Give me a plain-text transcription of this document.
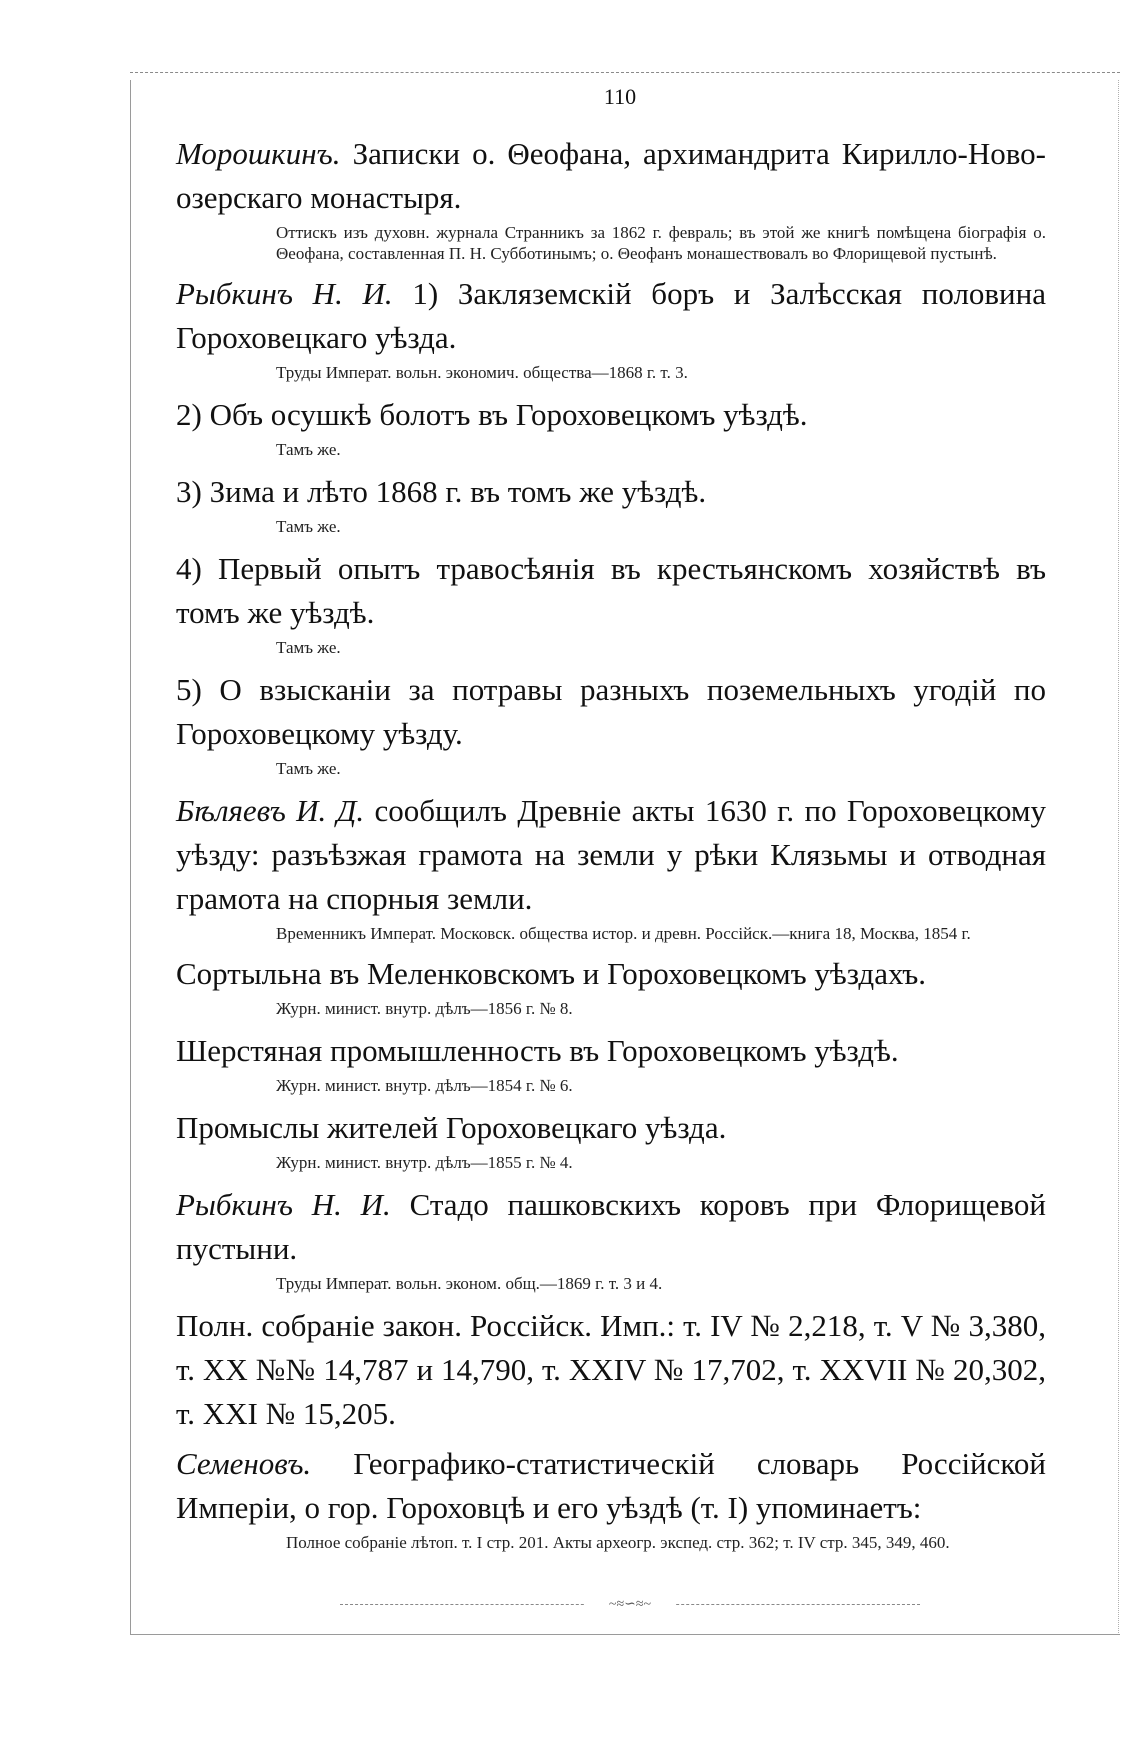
110

Морошкинъ. Записки о. Θеофана, архимандрита Кирилло-Ново-озерскаго монастыря.

Оттискъ изъ духовн. журнала Странникъ за 1862 г. февраль; въ этой же книгѣ помѣщена біографія о. Θеофана, составленная П. Н. Субботинымъ; о. Θеофанъ монашествовалъ во Флорищевой пустынѣ.

Рыбкинъ Н. И. 1) Закляземскій боръ и Залѣсская половина Гороховецкаго уѣзда.

Труды Императ. вольн. экономич. общества—1868 г. т. 3.

2) Объ осушкѣ болотъ въ Гороховецкомъ уѣздѣ.

Тамъ же.

3) Зима и лѣто 1868 г. въ томъ же уѣздѣ.

Тамъ же.

4) Первый опытъ травосѣянія въ крестьянскомъ хозяйствѣ въ томъ же уѣздѣ.

Тамъ же.

5) О взысканіи за потравы разныхъ поземельныхъ угодій по Гороховецкому уѣзду.

Тамъ же.

Бѣляевъ И. Д. сообщилъ Древніе акты 1630 г. по Гороховецкому уѣзду: разъѣзжая грамота на земли у рѣки Клязьмы и отводная грамота на спорныя земли.

Временникъ Императ. Московск. общества истор. и древн. Россійск.—книга 18, Москва, 1854 г.

Сортыльна въ Меленковскомъ и Гороховецкомъ уѣздахъ.

Журн. минист. внутр. дѣлъ—1856 г. № 8.

Шерстяная промышленность въ Гороховецкомъ уѣздѣ.

Журн. минист. внутр. дѣлъ—1854 г. № 6.

Промыслы жителей Гороховецкаго уѣзда.

Журн. минист. внутр. дѣлъ—1855 г. № 4.

Рыбкинъ Н. И. Стадо пашковскихъ коровъ при Флорищевой пустыни.

Труды Императ. вольн. эконом. общ.—1869 г. т. 3 и 4.

Полн. собраніе закон. Россійск. Имп.: т. IV № 2,218, т. V № 3,380, т. XX №№ 14,787 и 14,790, т. XXIV № 17,702, т. XXVII № 20,302, т. XXI № 15,205.

Семеновъ. Географико-статистическій словарь Россійской Имперіи, о гор. Гороховцѣ и его уѣздѣ (т. I) упоминаетъ:

Полное собраніе лѣтоп. т. I стр. 201. Акты археогр. экспед. стр. 362; т. IV стр. 345, 349, 460.
~≈∽≈~
